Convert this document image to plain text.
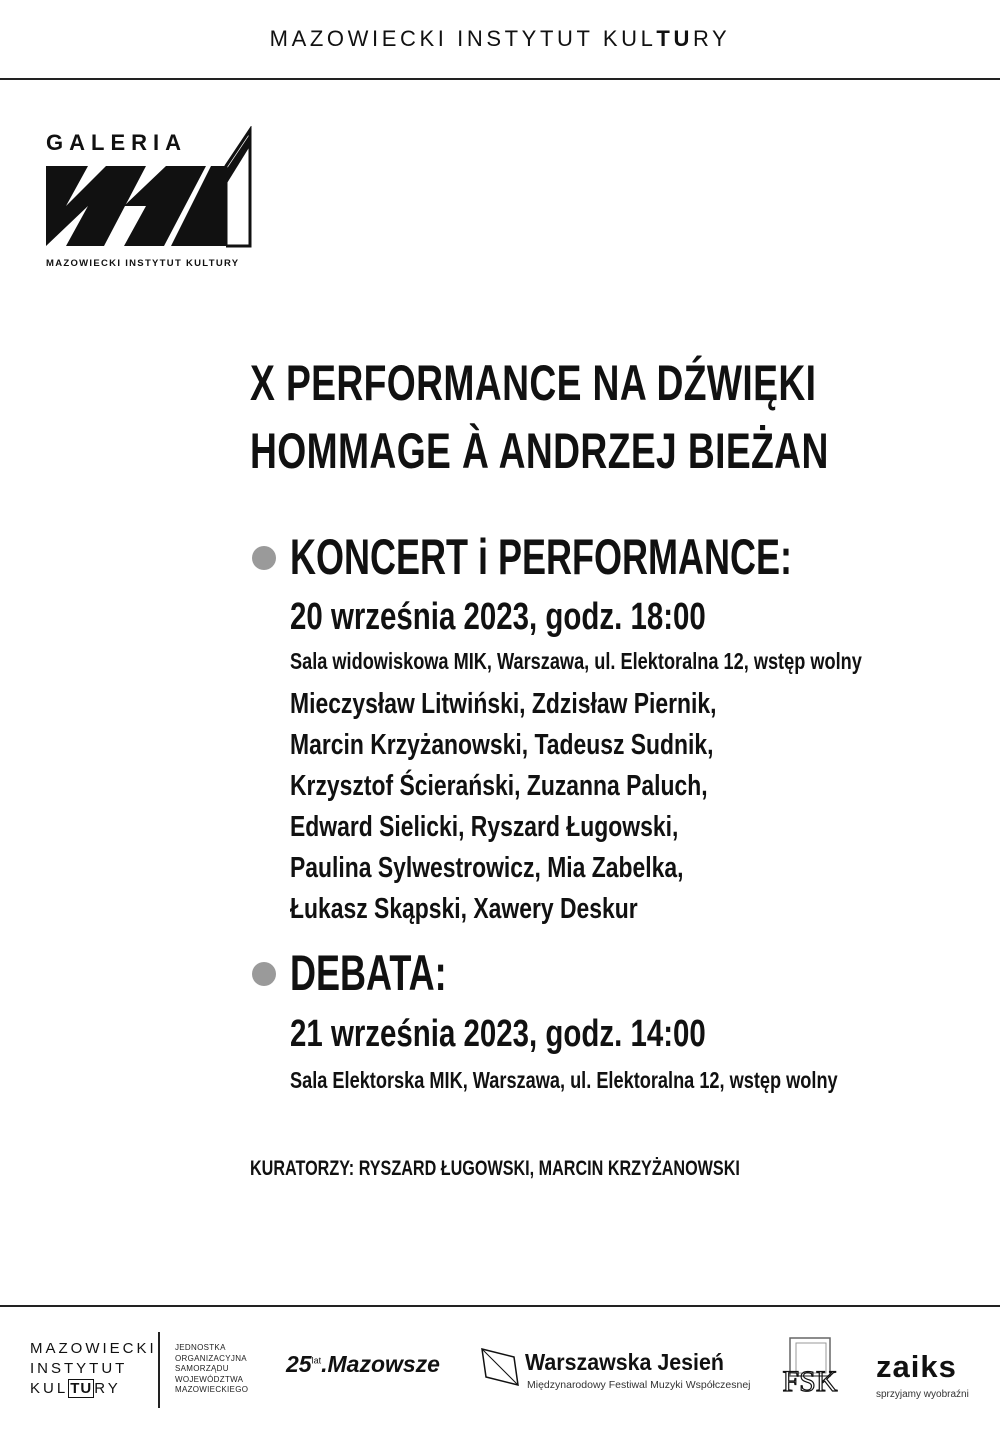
MAZOWIECKI INSTYTUT KULTURY
GALERIA
MAZOWIECKI INSTYTUT KULTURY
X PERFORMANCE NA DŹWIĘKI
HOMMAGE À ANDRZEJ BIEŻAN
KONCERT i PERFORMANCE:
20 września 2023, godz. 18:00
Sala widowiskowa MIK, Warszawa, ul. Elektoralna 12, wstęp wolny
Mieczysław Litwiński, Zdzisław Piernik,
Marcin Krzyżanowski, Tadeusz Sudnik,
Krzysztof Ścierański, Zuzanna Paluch,
Edward Sielicki, Ryszard Ługowski,
Paulina Sylwestrowicz, Mia Zabelka,
Łukasz Skąpski, Xawery Deskur
DEBATA:
21 września 2023, godz. 14:00
Sala Elektorska MIK, Warszawa, ul. Elektoralna 12, wstęp wolny
KURATORZY: RYSZARD ŁUGOWSKI, MARCIN KRZYŻANOWSKI
MAZOWIECKI
INSTYTUT
KUL TU RY
JEDNOSTKA
ORGANIZACYJNA
SAMORZĄDU
WOJEWÓDZTWA
MAZOWIECKIEGO
$25^{lat}.Mazowsze$	Warszawska Jesień
Międzynarodowy Festiwal Muzyki Współczesnej FSK zaiks
sprzyjamy wyobraźni
